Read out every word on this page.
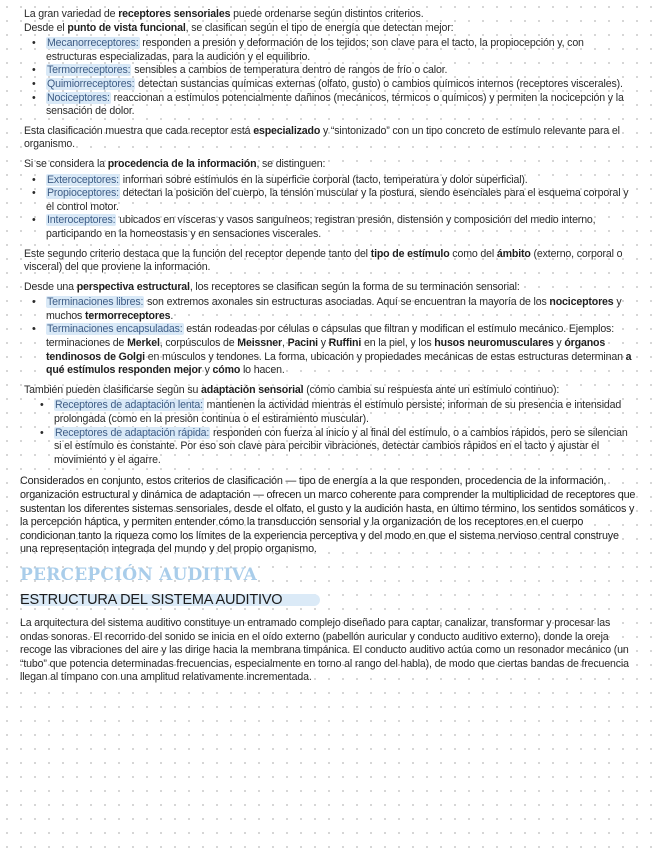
La gran variedad de receptores sensoriales puede ordenarse según distintos criterios.
Desde el punto de vista funcional, se clasifican según el tipo de energía que detectan mejor:

• Mecanorreceptores: responden a presión y deformación de los tejidos; son clave para el tacto, la propiocepción y, con estructuras especializadas, para la audición y el equilibrio.
• Termorreceptores: sensibles a cambios de temperatura dentro de rangos de frío o calor.
• Quimiorreceptores: detectan sustancias químicas externas (olfato, gusto) o cambios químicos internos (receptores viscerales).
• Nociceptores: reaccionan a estímulos potencialmente dañinos (mecánicos, térmicos o químicos) y permiten la nocicepción y la sensación de dolor.

Esta clasificación muestra que cada receptor está especializado y “sintonizado” con un tipo concreto de estímulo relevante para el organismo.

Si se considera la procedencia de la información, se distinguen:

• Exteroceptores: informan sobre estímulos en la superficie corporal (tacto, temperatura y dolor superficial).
• Propioceptores: detectan la posición del cuerpo, la tensión muscular y la postura, siendo esenciales para el esquema corporal y el control motor.
• Interoceptores: ubicados en vísceras y vasos sanguíneos; registran presión, distensión y composición del medio interno, participando en la homeostasis y en sensaciones viscerales.

Este segundo criterio destaca que la función del receptor depende tanto del tipo de estímulo como del ámbito (externo, corporal o visceral) del que proviene la información.

Desde una perspectiva estructural, los receptores se clasifican según la forma de su terminación sensorial:

• Terminaciones libres: son extremos axonales sin estructuras asociadas. Aquí se encuentran la mayoría de los nociceptores y muchos termorreceptores.
• Terminaciones encapsuladas: están rodeadas por células o cápsulas que filtran y modifican el estímulo mecánico. Ejemplos: terminaciones de Merkel, corpúsculos de Meissner, Pacini y Ruffini en la piel, y los husos neuromusculares y órganos tendinosos de Golgi en músculos y tendones. La forma, ubicación y propiedades mecánicas de estas estructuras determinan a qué estímulos responden mejor y cómo lo hacen.

También pueden clasificarse según su adaptación sensorial (cómo cambia su respuesta ante un estímulo continuo):

• Receptores de adaptación lenta: mantienen la actividad mientras el estímulo persiste; informan de su presencia e intensidad prolongada (como en la presión continua o el estiramiento muscular).
• Receptores de adaptación rápida: responden con fuerza al inicio y al final del estímulo, o a cambios rápidos, pero se silencian si el estímulo es constante. Por eso son clave para percibir vibraciones, detectar cambios rápidos en el tacto y ajustar el movimiento y el agarre.

Considerados en conjunto, estos criterios de clasificación — tipo de energía a la que responden, procedencia de la información, organización estructural y dinámica de adaptación — ofrecen un marco coherente para comprender la multiplicidad de receptores que sustentan los diferentes sistemas sensoriales, desde el olfato, el gusto y la audición hasta, en último término, los sentidos somáticos y la percepción háptica, y permiten entender cómo la transducción sensorial y la organización de los receptores en el cuerpo condicionan tanto la riqueza como los límites de la experiencia perceptiva y del modo en que el sistema nervioso central construye una representación integrada del mundo y del propio organismo.

PERCEPCIÓN AUDITIVA
ESTRUCTURA DEL SISTEMA AUDITIVO

La arquitectura del sistema auditivo constituye un entramado complejo diseñado para captar, canalizar, transformar y procesar las ondas sonoras. El recorrido del sonido se inicia en el oído externo (pabellón auricular y conducto auditivo externo), donde la oreja recoge las vibraciones del aire y las dirige hacia la membrana timpánica. El conducto auditivo actúa como un resonador mecánico (un “tubo” que potencia determinadas frecuencias, especialmente en torno al rango del habla), de modo que ciertas bandas de frecuencia llegan al tímpano con una amplitud relativamente incrementada.
